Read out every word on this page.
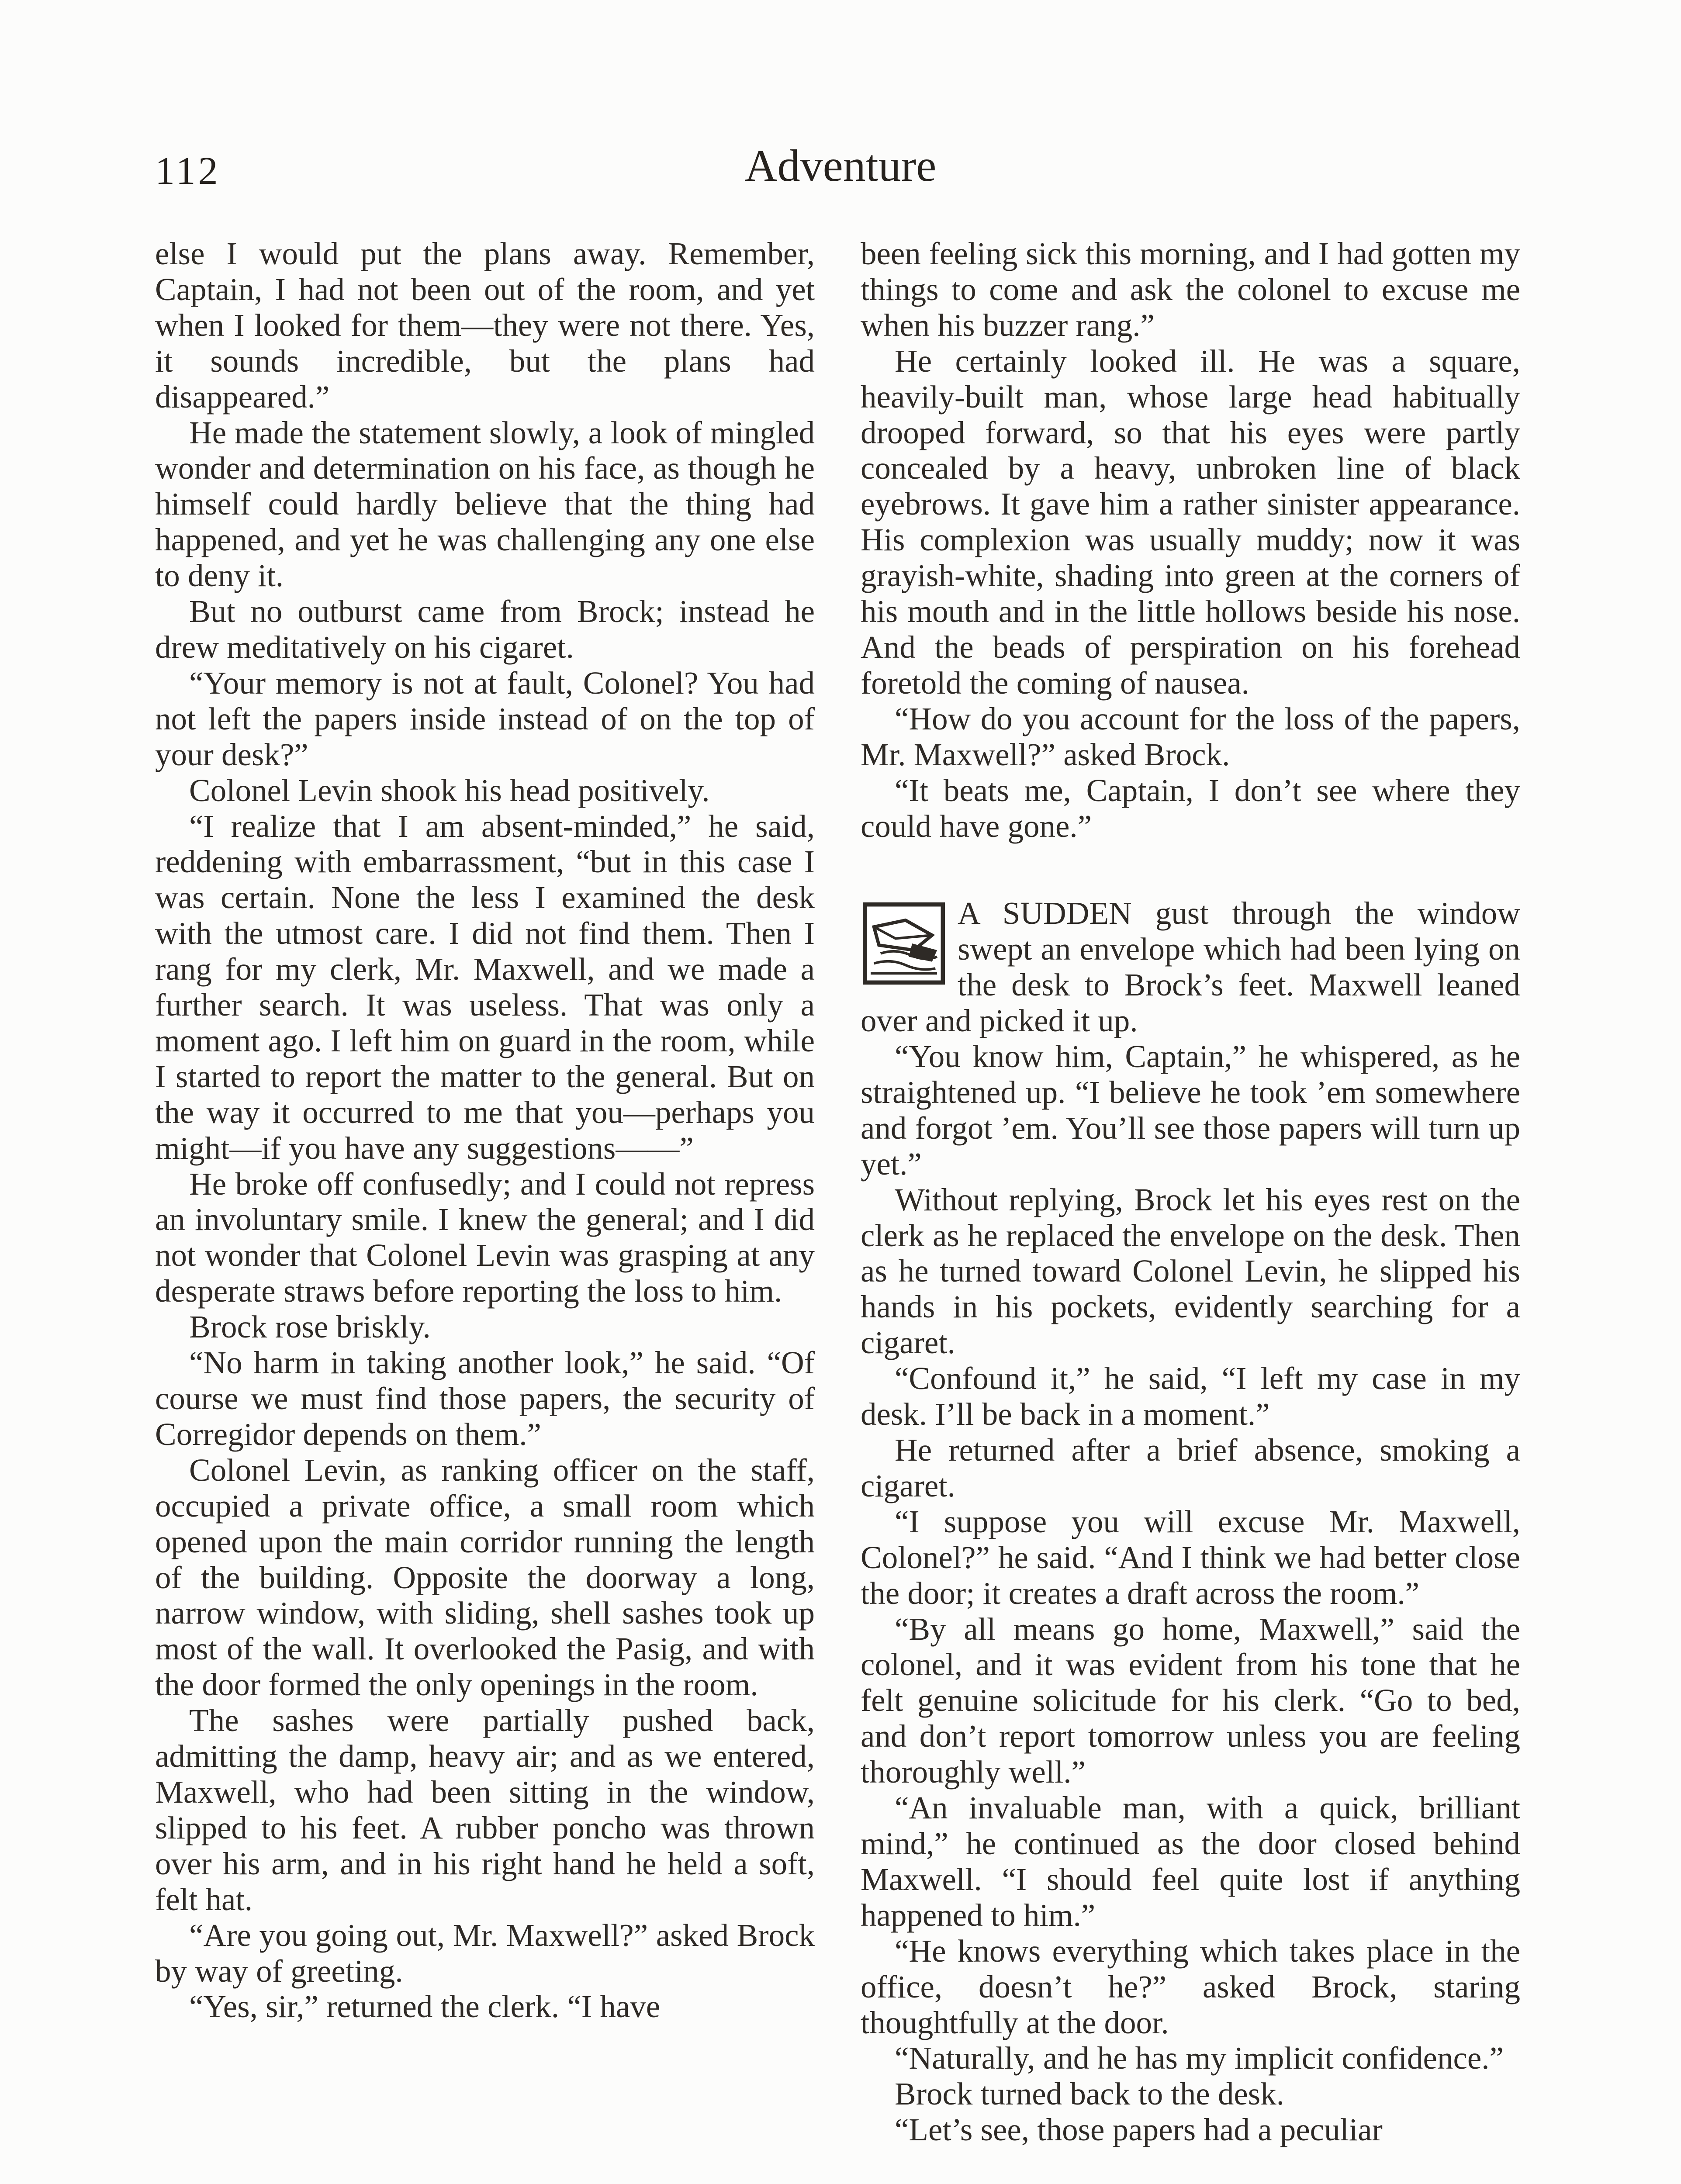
112	Adventure

else I would put the plans away. Remember, Captain, I had not been out of the room, and yet when I looked for them—they were not there. Yes, it sounds incredible, but the plans had disappeared.”

He made the statement slowly, a look of mingled wonder and determination on his face, as though he himself could hardly believe that the thing had happened, and yet he was challenging any one else to deny it.

But no outburst came from Brock; instead he drew meditatively on his cigaret.

“Your memory is not at fault, Colonel? You had not left the papers inside instead of on the top of your desk?”

Colonel Levin shook his head positively.

“I realize that I am absent-minded,” he said, reddening with embarrassment, “but in this case I was certain. None the less I examined the desk with the utmost care. I did not find them. Then I rang for my clerk, Mr. Maxwell, and we made a further search. It was useless. That was only a moment ago. I left him on guard in the room, while I started to report the matter to the general. But on the way it occurred to me that you—perhaps you might—if you have any suggestions——”

He broke off confusedly; and I could not repress an involuntary smile. I knew the general; and I did not wonder that Colonel Levin was grasping at any desperate straws before reporting the loss to him.

Brock rose briskly.

“No harm in taking another look,” he said. “Of course we must find those papers, the security of Corregidor depends on them.”

Colonel Levin, as ranking officer on the staff, occupied a private office, a small room which opened upon the main corridor running the length of the building. Opposite the doorway a long, narrow window, with sliding, shell sashes took up most of the wall. It overlooked the Pasig, and with the door formed the only openings in the room.

The sashes were partially pushed back, admitting the damp, heavy air; and as we entered, Maxwell, who had been sitting in the window, slipped to his feet. A rubber poncho was thrown over his arm, and in his right hand he held a soft, felt hat.

“Are you going out, Mr. Maxwell?” asked Brock by way of greeting.

“Yes, sir,” returned the clerk. “I have

been feeling sick this morning, and I had gotten my things to come and ask the colonel to excuse me when his buzzer rang.”

He certainly looked ill. He was a square, heavily-built man, whose large head habitually drooped forward, so that his eyes were partly concealed by a heavy, unbroken line of black eyebrows. It gave him a rather sinister appearance. His complexion was usually muddy; now it was grayish-white, shading into green at the corners of his mouth and in the little hollows beside his nose. And the beads of perspiration on his forehead foretold the coming of nausea.

“How do you account for the loss of the papers, Mr. Maxwell?” asked Brock.

“It beats me, Captain, I don’t see where they could have gone.”

A SUDDEN gust through the window swept an envelope which had been lying on the desk to Brock’s feet. Maxwell leaned over and picked it up.

“You know him, Captain,” he whispered, as he straightened up. “I believe he took ’em somewhere and forgot ’em. You’ll see those papers will turn up yet.”

Without replying, Brock let his eyes rest on the clerk as he replaced the envelope on the desk. Then as he turned toward Colonel Levin, he slipped his hands in his pockets, evidently searching for a cigaret.

“Confound it,” he said, “I left my case in my desk. I’ll be back in a moment.”

He returned after a brief absence, smoking a cigaret.

“I suppose you will excuse Mr. Maxwell, Colonel?” he said. “And I think we had better close the door; it creates a draft across the room.”

“By all means go home, Maxwell,” said the colonel, and it was evident from his tone that he felt genuine solicitude for his clerk. “Go to bed, and don’t report tomorrow unless you are feeling thoroughly well.”

“An invaluable man, with a quick, brilliant mind,” he continued as the door closed behind Maxwell. “I should feel quite lost if anything happened to him.”

“He knows everything which takes place in the office, doesn’t he?” asked Brock, staring thoughtfully at the door.

“Naturally, and he has my implicit confidence.”

Brock turned back to the desk.

“Let’s see, those papers had a peculiar
